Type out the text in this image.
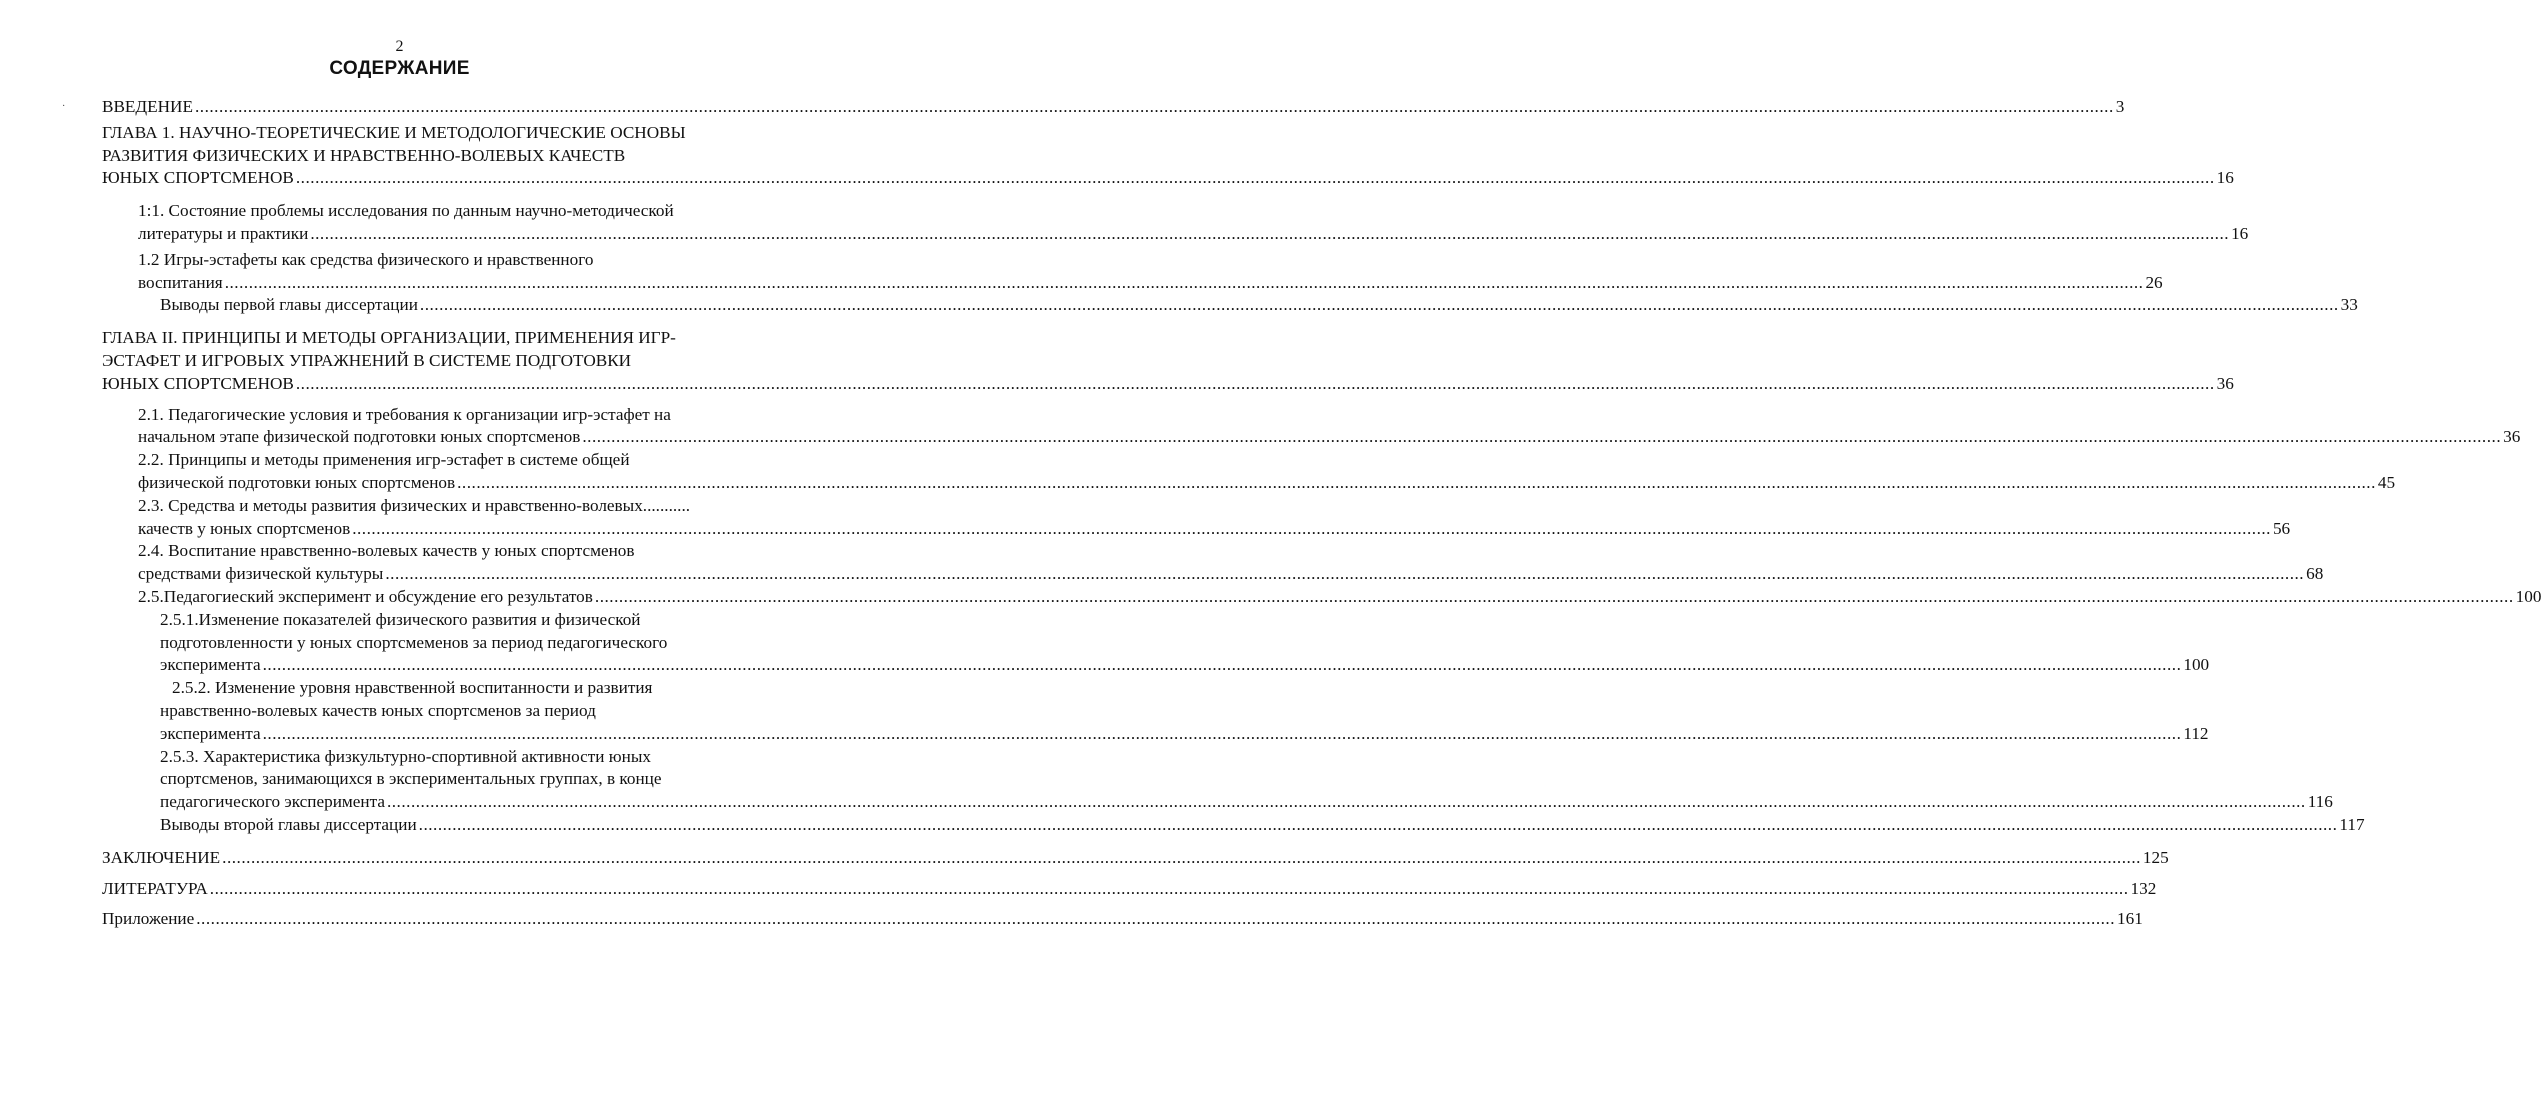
2
СОДЕРЖАНИЕ
· ВВЕДЕНИЕ ................................................................................................................................................................................................................................................................................................................................................................................................................ 3
ГЛАВА 1. НАУЧНО-ТЕОРЕТИЧЕСКИЕ И МЕТОДОЛОГИЧЕСКИЕ ОСНОВЫ
РАЗВИТИЯ ФИЗИЧЕСКИХ И НРАВСТВЕННО-ВОЛЕВЫХ КАЧЕСТВ
ЮНЫХ СПОРТСМЕНОВ ................................................................................................................................................................................................................................................................................................................................................................................................................ 16
1:1. Состояние проблемы исследования по данным научно-методической
литературы и практики ................................................................................................................................................................................................................................................................................................................................................................................................................ 16
1.2 Игры-эстафеты как средства физического и нравственного
воспитания ................................................................................................................................................................................................................................................................................................................................................................................................................ 26
Выводы первой главы диссертации ................................................................................................................................................................................................................................................................................................................................................................................................................ 33
ГЛАВА II. ПРИНЦИПЫ И МЕТОДЫ ОРГАНИЗАЦИИ, ПРИМЕНЕНИЯ ИГР-
ЭСТАФЕТ И ИГРОВЫХ УПРАЖНЕНИЙ В СИСТЕМЕ ПОДГОТОВКИ
ЮНЫХ СПОРТСМЕНОВ ................................................................................................................................................................................................................................................................................................................................................................................................................ 36
2.1. Педагогические условия и требования к организации игр-эстафет на
начальном этапе физической подготовки юных спортсменов ................................................................................................................................................................................................................................................................................................................................................................................................................ 36
2.2. Принципы и методы применения игр-эстафет в системе общей
физической подготовки юных спортсменов ................................................................................................................................................................................................................................................................................................................................................................................................................ 45
2.3. Средства и методы развития физических и нравственно-волевых...........
качеств у юных спортсменов ................................................................................................................................................................................................................................................................................................................................................................................................................ 56
2.4. Воспитание нравственно-волевых качеств у юных спортсменов
средствами физической культуры ................................................................................................................................................................................................................................................................................................................................................................................................................ 68
2.5.Педагогиеский эксперимент и обсуждение его результатов ................................................................................................................................................................................................................................................................................................................................................................................................................ 100
2.5.1.Изменение показателей физического развития и физической
подготовленности у юных спортсмеменов за период педагогического
эксперимента ................................................................................................................................................................................................................................................................................................................................................................................................................ 100
2.5.2. Изменение уровня нравственной воспитанности и развития
нравственно-волевых качеств юных спортсменов за период
эксперимента ................................................................................................................................................................................................................................................................................................................................................................................................................ 112
2.5.3. Характеристика физкультурно-спортивной активности юных
спортсменов, занимающихся в экспериментальных группах, в конце
педагогического эксперимента ................................................................................................................................................................................................................................................................................................................................................................................................................ 116
Выводы второй главы диссертации ................................................................................................................................................................................................................................................................................................................................................................................................................ 117
ЗАКЛЮЧЕНИЕ ................................................................................................................................................................................................................................................................................................................................................................................................................ 125
ЛИТЕРАТУРА ................................................................................................................................................................................................................................................................................................................................................................................................................ 132
Приложение ................................................................................................................................................................................................................................................................................................................................................................................................................ 161
